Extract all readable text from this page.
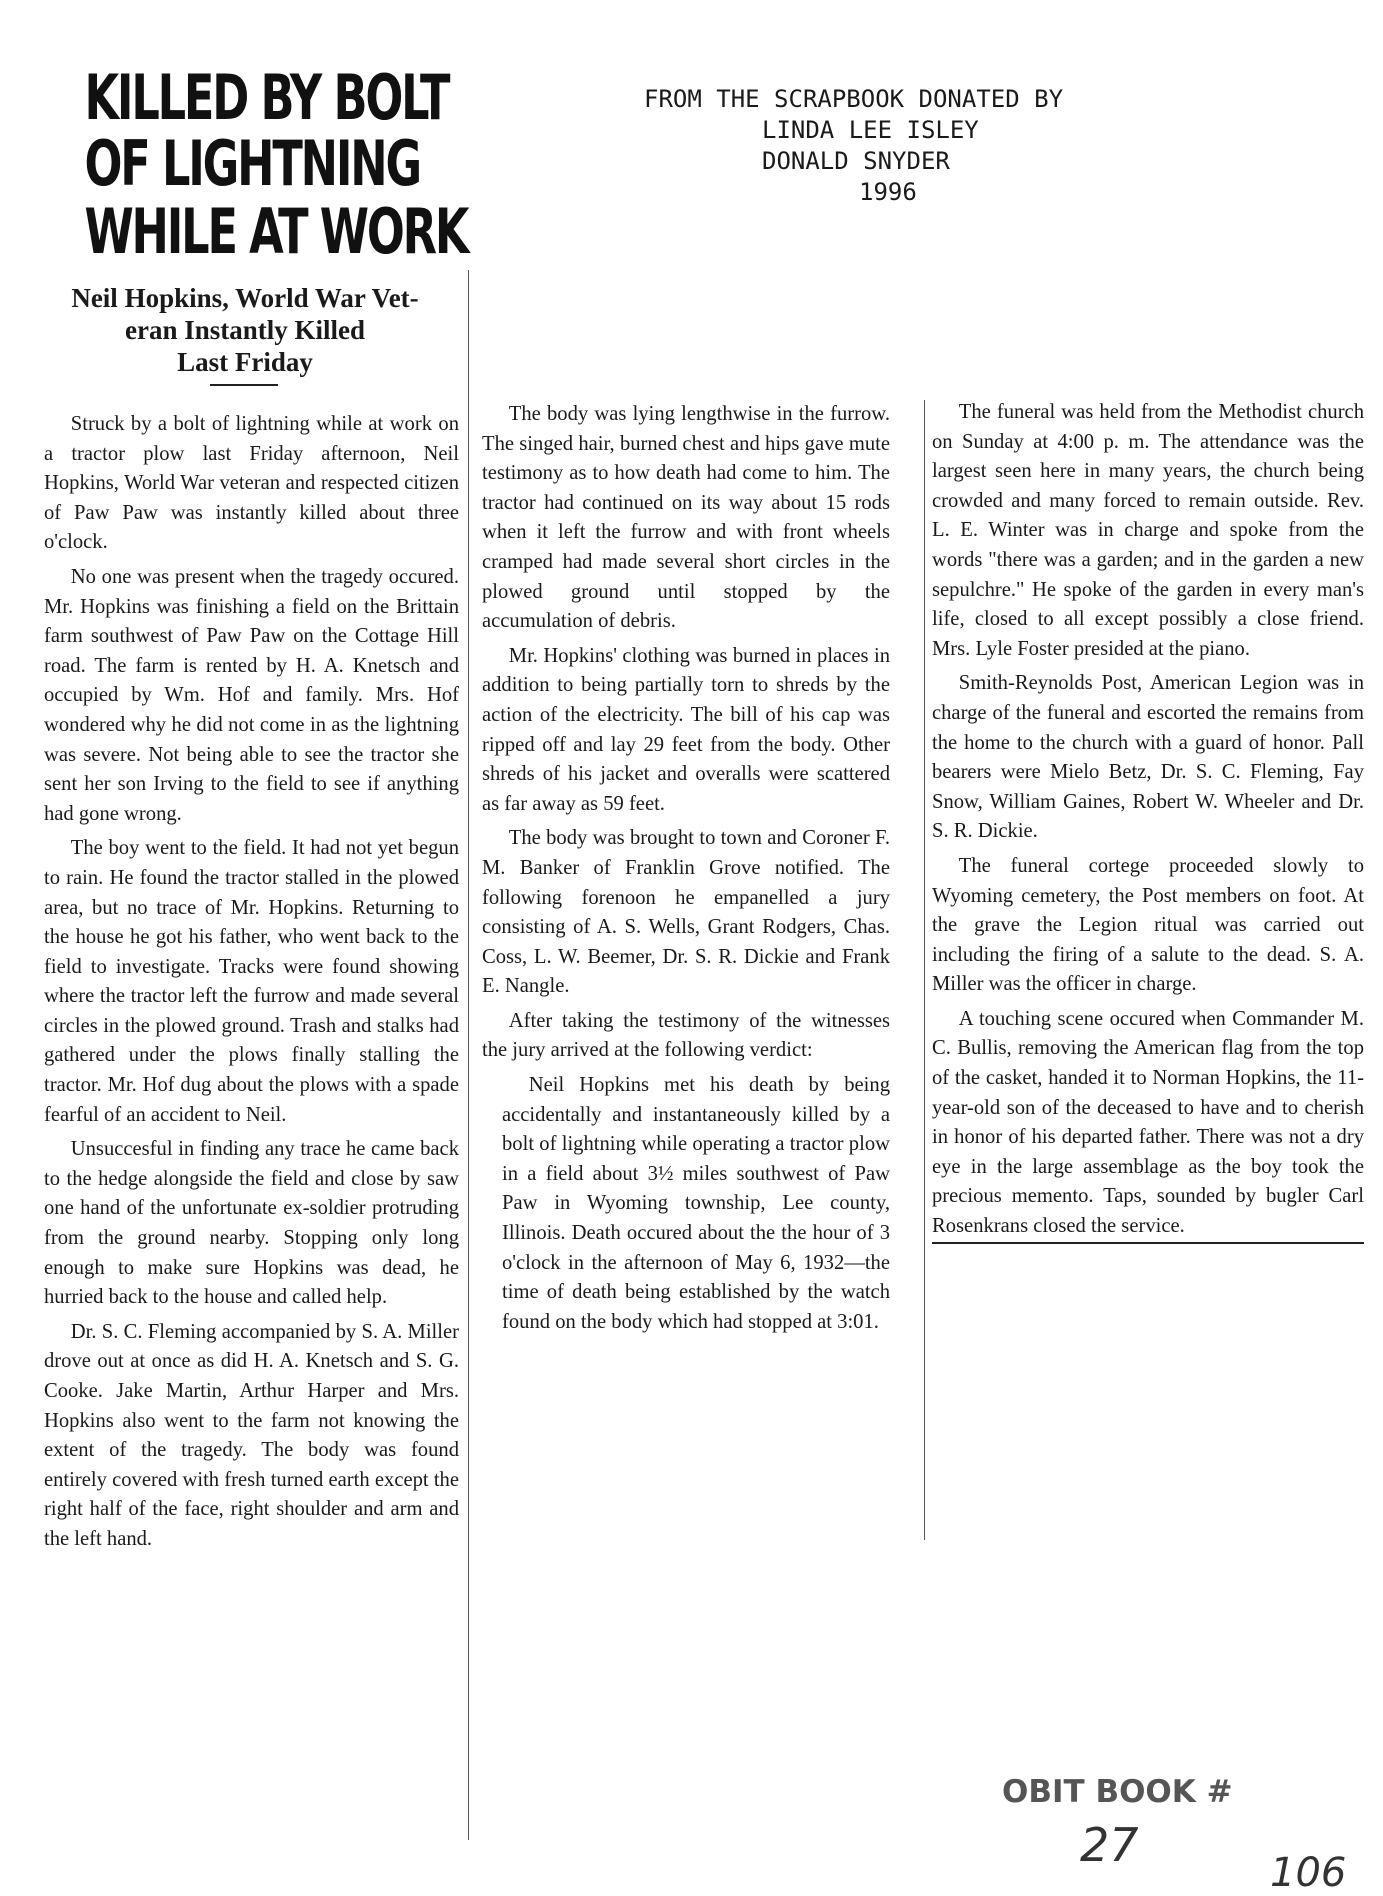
KILLED BY BOLT
OF LIGHTNING
WHILE AT WORK
Neil Hopkins, World War Vet-
eran Instantly Killed
Last Friday
FROM THE SCRAPBOOK DONATED BY
LINDA LEE ISLEY
DONALD SNYDER
1996

Struck by a bolt of lightning while at work on a tractor plow last Friday afternoon, Neil Hopkins, World War veteran and respected citizen of Paw Paw was instantly killed about three o'clock.

No one was present when the tragedy occured. Mr. Hopkins was finishing a field on the Brittain farm southwest of Paw Paw on the Cottage Hill road. The farm is rented by H. A. Knetsch and occupied by Wm. Hof and family. Mrs. Hof wondered why he did not come in as the lightning was severe. Not being able to see the tractor she sent her son Irving to the field to see if anything had gone wrong.

The boy went to the field. It had not yet begun to rain. He found the tractor stalled in the plowed area, but no trace of Mr. Hopkins. Returning to the house he got his father, who went back to the field to investigate. Tracks were found showing where the tractor left the furrow and made several circles in the plowed ground. Trash and stalks had gathered under the plows finally stalling the tractor. Mr. Hof dug about the plows with a spade fearful of an accident to Neil.

Unsuccesful in finding any trace he came back to the hedge alongside the field and close by saw one hand of the unfortunate ex-soldier protruding from the ground nearby. Stopping only long enough to make sure Hopkins was dead, he hurried back to the house and called help.

Dr. S. C. Fleming accompanied by S. A. Miller drove out at once as did H. A. Knetsch and S. G. Cooke. Jake Martin, Arthur Harper and Mrs. Hopkins also went to the farm not knowing the extent of the tragedy. The body was found entirely covered with fresh turned earth except the right half of the face, right shoulder and arm and the left hand.

The body was lying lengthwise in the furrow. The singed hair, burned chest and hips gave mute testimony as to how death had come to him. The tractor had continued on its way about 15 rods when it left the furrow and with front wheels cramped had made several short circles in the plowed ground until stopped by the accumulation of debris.

Mr. Hopkins' clothing was burned in places in addition to being partially torn to shreds by the action of the electricity. The bill of his cap was ripped off and lay 29 feet from the body. Other shreds of his jacket and overalls were scattered as far away as 59 feet.

The body was brought to town and Coroner F. M. Banker of Franklin Grove notified. The following forenoon he empanelled a jury consisting of A. S. Wells, Grant Rodgers, Chas. Coss, L. W. Beemer, Dr. S. R. Dickie and Frank E. Nangle.

After taking the testimony of the witnesses the jury arrived at the following verdict:

Neil Hopkins met his death by being accidentally and instantaneously killed by a bolt of lightning while operating a tractor plow in a field about 3½ miles southwest of Paw Paw in Wyoming township, Lee county, Illinois. Death occured about the the hour of 3 o'clock in the afternoon of May 6, 1932—the time of death being established by the watch found on the body which had stopped at 3:01.

The funeral was held from the Methodist church on Sunday at 4:00 p. m. The attendance was the largest seen here in many years, the church being crowded and many forced to remain outside. Rev. L. E. Winter was in charge and spoke from the words "there was a garden; and in the garden a new sepulchre." He spoke of the garden in every man's life, closed to all except possibly a close friend. Mrs. Lyle Foster presided at the piano.

Smith-Reynolds Post, American Legion was in charge of the funeral and escorted the remains from the home to the church with a guard of honor. Pall bearers were Mielo Betz, Dr. S. C. Fleming, Fay Snow, William Gaines, Robert W. Wheeler and Dr. S. R. Dickie.

The funeral cortege proceeded slowly to Wyoming cemetery, the Post members on foot. At the grave the Legion ritual was carried out including the firing of a salute to the dead. S. A. Miller was the officer in charge.

A touching scene occured when Commander M. C. Bullis, removing the American flag from the top of the casket, handed it to Norman Hopkins, the 11-year-old son of the deceased to have and to cherish in honor of his departed father. There was not a dry eye in the large assemblage as the boy took the precious memento. Taps, sounded by bugler Carl Rosenkrans closed the service.

OBIT BOOK #
27
106
